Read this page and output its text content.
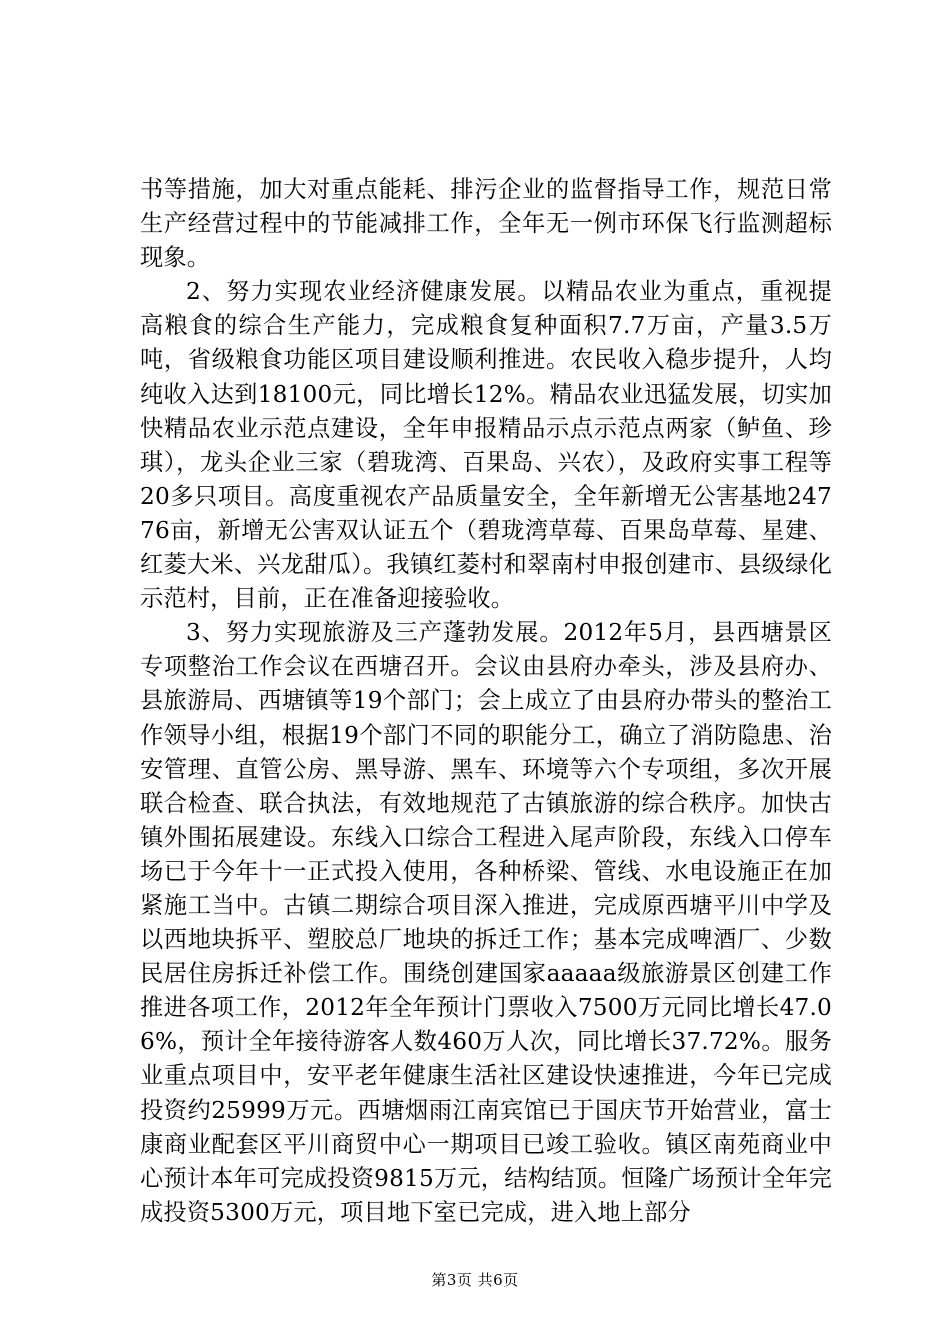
书等措施，加大对重点能耗、排污企业的监督指导工作，规范日常生产经营过程中的节能减排工作，全年无一例市环保飞行监测超标现象。

2、努力实现农业经济健康发展。以精品农业为重点，重视提高粮食的综合生产能力，完成粮食复种面积7.7万亩，产量3.5万吨，省级粮食功能区项目建设顺利推进。农民收入稳步提升，人均纯收入达到18100元，同比增长12%。精品农业迅猛发展，切实加快精品农业示范点建设，全年申报精品示点示范点两家（鲈鱼、珍琪），龙头企业三家（碧珑湾、百果岛、兴农），及政府实事工程等20多只项目。高度重视农产品质量安全，全年新增无公害基地24776亩，新增无公害双认证五个（碧珑湾草莓、百果岛草莓、星建、红菱大米、兴龙甜瓜）。我镇红菱村和翠南村申报创建市、县级绿化示范村，目前，正在准备迎接验收。

3、努力实现旅游及三产蓬勃发展。2012年5月，县西塘景区专项整治工作会议在西塘召开。会议由县府办牵头，涉及县府办、县旅游局、西塘镇等19个部门；会上成立了由县府办带头的整治工作领导小组，根据19个部门不同的职能分工，确立了消防隐患、治安管理、直管公房、黑导游、黑车、环境等六个专项组，多次开展联合检查、联合执法，有效地规范了古镇旅游的综合秩序。加快古镇外围拓展建设。东线入口综合工程进入尾声阶段，东线入口停车场已于今年十一正式投入使用，各种桥梁、管线、水电设施正在加紧施工当中。古镇二期综合项目深入推进，完成原西塘平川中学及以西地块拆平、塑胶总厂地块的拆迁工作；基本完成啤酒厂、少数民居住房拆迁补偿工作。围绕创建国家aaaaa级旅游景区创建工作推进各项工作，2012年全年预计门票收入7500万元同比增长47.06%，预计全年接待游客人数460万人次，同比增长37.72%。服务业重点项目中，安平老年健康生活社区建设快速推进，今年已完成投资约25999万元。西塘烟雨江南宾馆已于国庆节开始营业，富士康商业配套区平川商贸中心一期项目已竣工验收。镇区南苑商业中心预计本年可完成投资9815万元，结构结顶。恒隆广场预计全年完成投资5300万元，项目地下室已完成，进入地上部分

第3页 共6页
